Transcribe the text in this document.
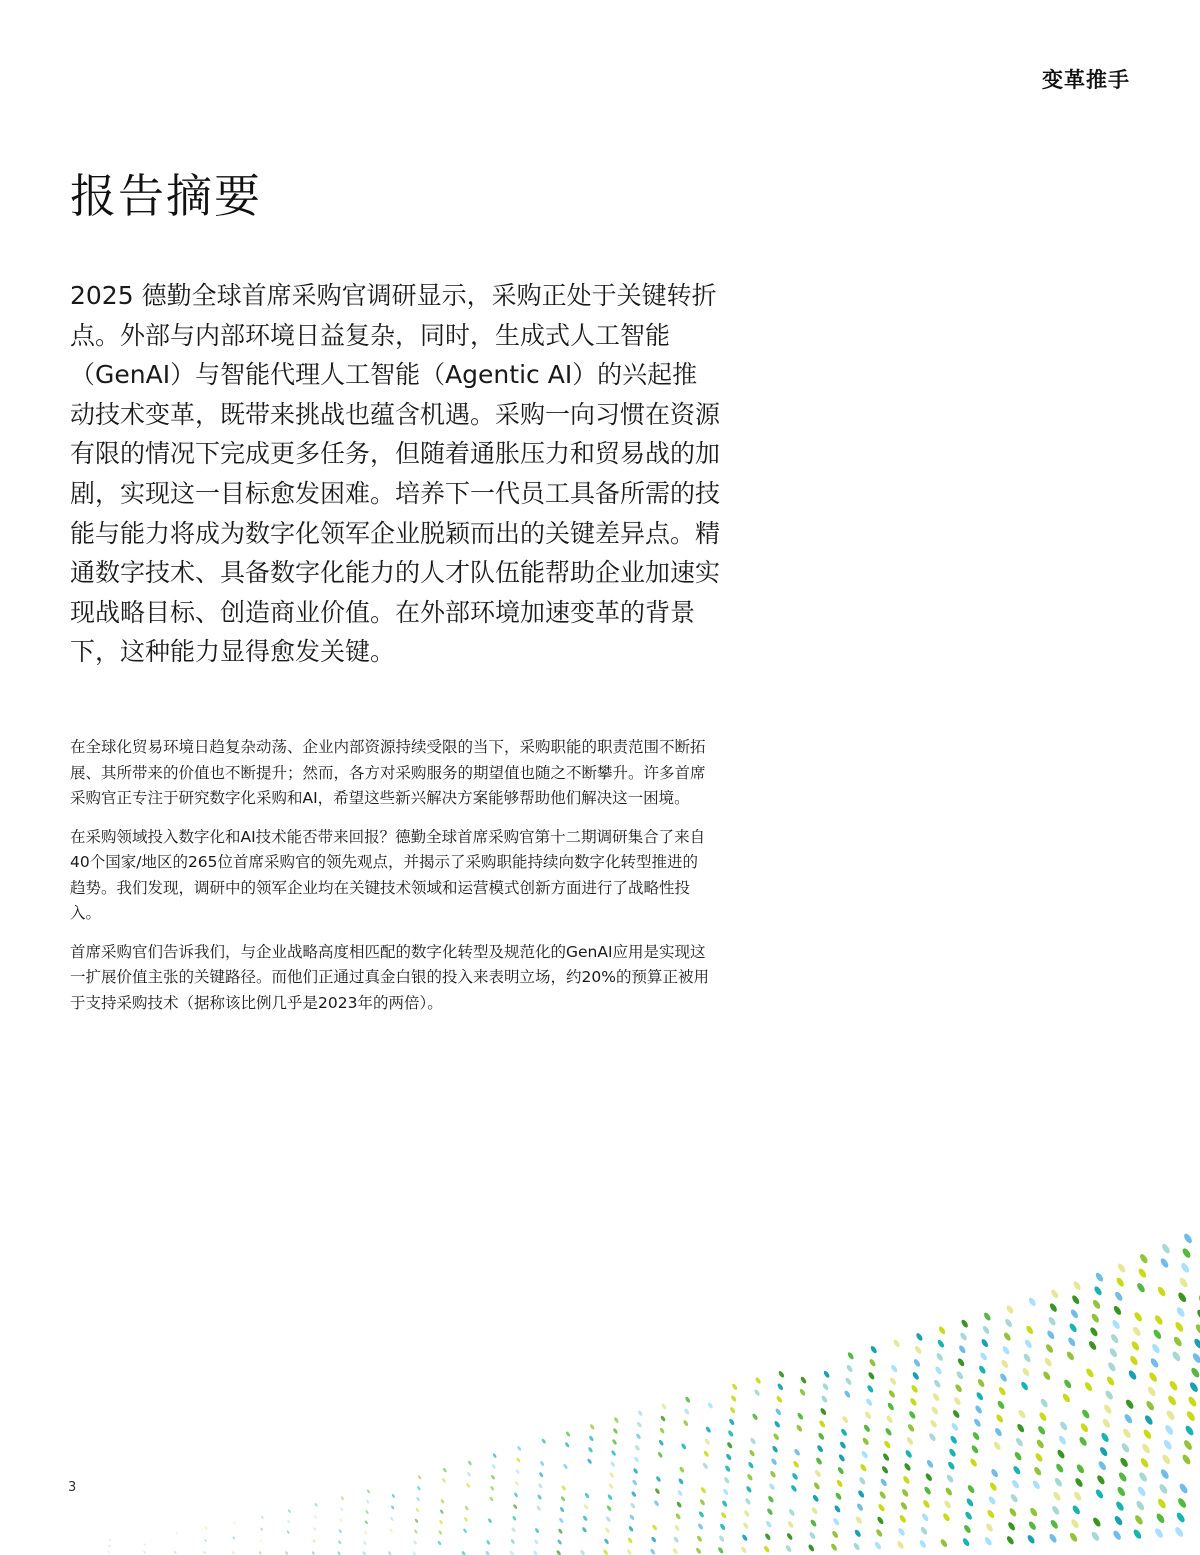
变革推手
报告摘要

2025 德勤全球首席采购官调研显示，采购正处于关键转折点。外部与内部环境日益复杂，同时，生成式人工智能（GenAI）与智能代理人工智能（Agentic AI）的兴起推动技术变革，既带来挑战也蕴含机遇。采购一向习惯在资源有限的情况下完成更多任务，但随着通胀压力和贸易战的加剧，实现这一目标愈发困难。培养下一代员工具备所需的技能与能力将成为数字化领军企业脱颖而出的关键差异点。精通数字技术、具备数字化能力的人才队伍能帮助企业加速实现战略目标、创造商业价值。在外部环境加速变革的背景下，这种能力显得愈发关键。

在全球化贸易环境日趋复杂动荡、企业内部资源持续受限的当下，采购职能的职责范围不断拓展、其所带来的价值也不断提升；然而，各方对采购服务的期望值也随之不断攀升。许多首席采购官正专注于研究数字化采购和AI，希望这些新兴解决方案能够帮助他们解决这一困境。

在采购领域投入数字化和AI技术能否带来回报？德勤全球首席采购官第十二期调研集合了来自40个国家/地区的265位首席采购官的领先观点，并揭示了采购职能持续向数字化转型推进的趋势。我们发现，调研中的领军企业均在关键技术领域和运营模式创新方面进行了战略性投入。

首席采购官们告诉我们，与企业战略高度相匹配的数字化转型及规范化的GenAI应用是实现这一扩展价值主张的关键路径。而他们正通过真金白银的投入来表明立场，约20%的预算正被用于支持采购技术（据称该比例几乎是2023年的两倍）。

3
